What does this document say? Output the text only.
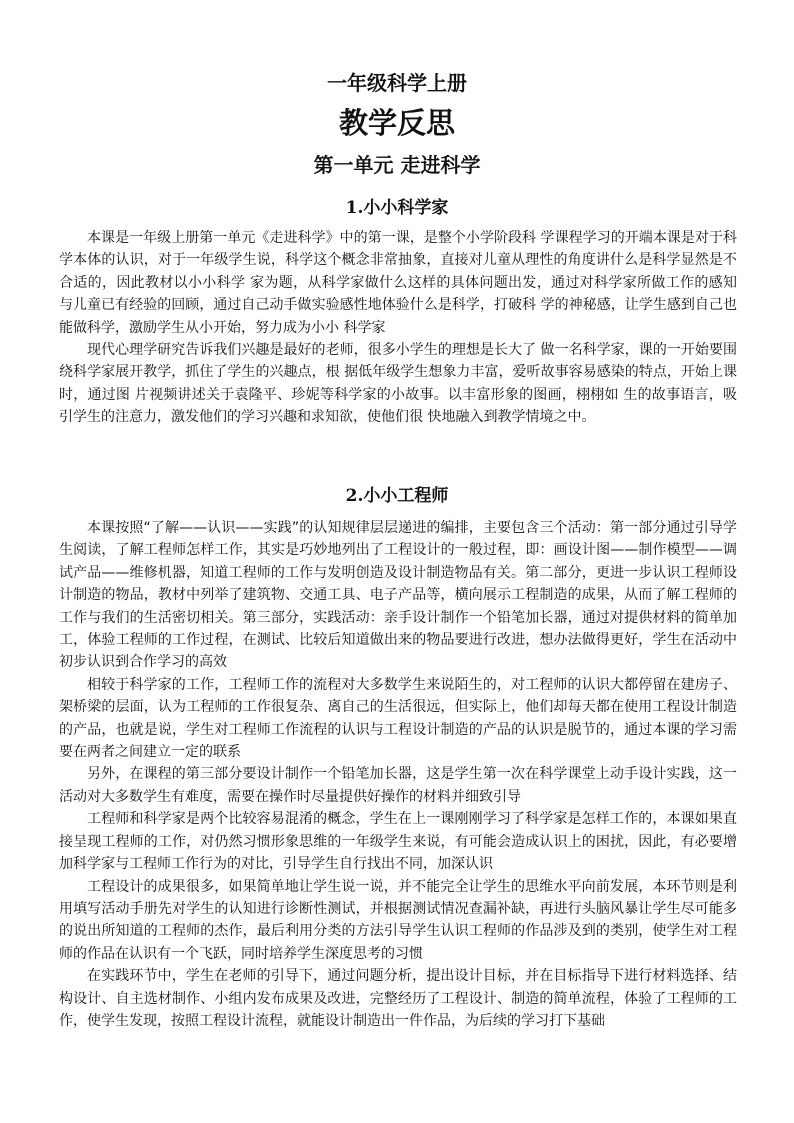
一年级科学上册
教学反思
第一单元 走进科学
1.小小科学家

本课是一年级上册第一单元《走进科学》中的第一课，是整个小学阶段科 学课程学习的开端本课是对于科学本体的认识，对于一年级学生说，科学这个概念非常抽象，直接对儿童从理性的角度讲什么是科学显然是不合适的，因此教材以小小科学 家为题，从科学家做什么这样的具体问题出发，通过对科学家所做工作的感知 与儿童已有经验的回顾，通过自己动手做实验感性地体验什么是科学，打破科 学的神秘感，让学生感到自己也能做科学，激励学生从小开始，努力成为小小 科学家

现代心理学研究告诉我们兴趣是最好的老师，很多小学生的理想是长大了 做一名科学家，课的一开始要围绕科学家展开教学，抓住了学生的兴趣点，根 据低年级学生想象力丰富，爱听故事容易感染的特点，开始上课时，通过图 片视频讲述关于袁隆平、珍妮等科学家的小故事。以丰富形象的图画，栩栩如 生的故事语言，吸引学生的注意力，激发他们的学习兴趣和求知欲，使他们很 快地融入到教学情境之中。

2.小小工程师

本课按照“了解——认识——实践”的认知规律层层递进的编排，主要包含三个活动：第一部分通过引导学生阅读，了解工程师怎样工作，其实是巧妙地列出了工程设计的一般过程，即：画设计图——制作模型——调试产品——维修机器，知道工程师的工作与发明创造及设计制造物品有关。第二部分，更进一步认识工程师设计制造的物品，教材中列举了建筑物、交通工具、电子产品等，横向展示工程制造的成果，从而了解工程师的工作与我们的生活密切相关。第三部分，实践活动：亲手设计制作一个铅笔加长器，通过对提供材料的简单加工，体验工程师的工作过程，在测试、比较后知道做出来的物品要进行改进，想办法做得更好，学生在活动中初步认识到合作学习的高效

相较于科学家的工作，工程师工作的流程对大多数学生来说陌生的，对工程师的认识大都停留在建房子、架桥梁的层面，认为工程师的工作很复杂、离自己的生活很远，但实际上，他们却每天都在使用工程设计制造的产品，也就是说，学生对工程师工作流程的认识与工程设计制造的产品的认识是脱节的，通过本课的学习需要在两者之间建立一定的联系

另外，在课程的第三部分要设计制作一个铅笔加长器，这是学生第一次在科学课堂上动手设计实践，这一活动对大多数学生有难度，需要在操作时尽量提供好操作的材料并细致引导

工程师和科学家是两个比较容易混淆的概念，学生在上一课刚刚学习了科学家是怎样工作的，本课如果直接呈现工程师的工作，对仍然习惯形象思维的一年级学生来说，有可能会造成认识上的困扰，因此，有必要增加科学家与工程师工作行为的对比，引导学生自行找出不同，加深认识

工程设计的成果很多，如果简单地让学生说一说，并不能完全让学生的思维水平向前发展，本环节则是利用填写活动手册先对学生的认知进行诊断性测试，并根据测试情况查漏补缺，再进行头脑风暴让学生尽可能多的说出所知道的工程师的杰作，最后利用分类的方法引导学生认识工程师的作品涉及到的类别，使学生对工程师的作品在认识有一个飞跃，同时培养学生深度思考的习惯

在实践环节中，学生在老师的引导下，通过问题分析，提出设计目标，并在目标指导下进行材料选择、结构设计、自主选材制作、小组内发布成果及改进，完整经历了工程设计、制造的简单流程，体验了工程师的工作，使学生发现，按照工程设计流程，就能设计制造出一件作品，为后续的学习打下基础
